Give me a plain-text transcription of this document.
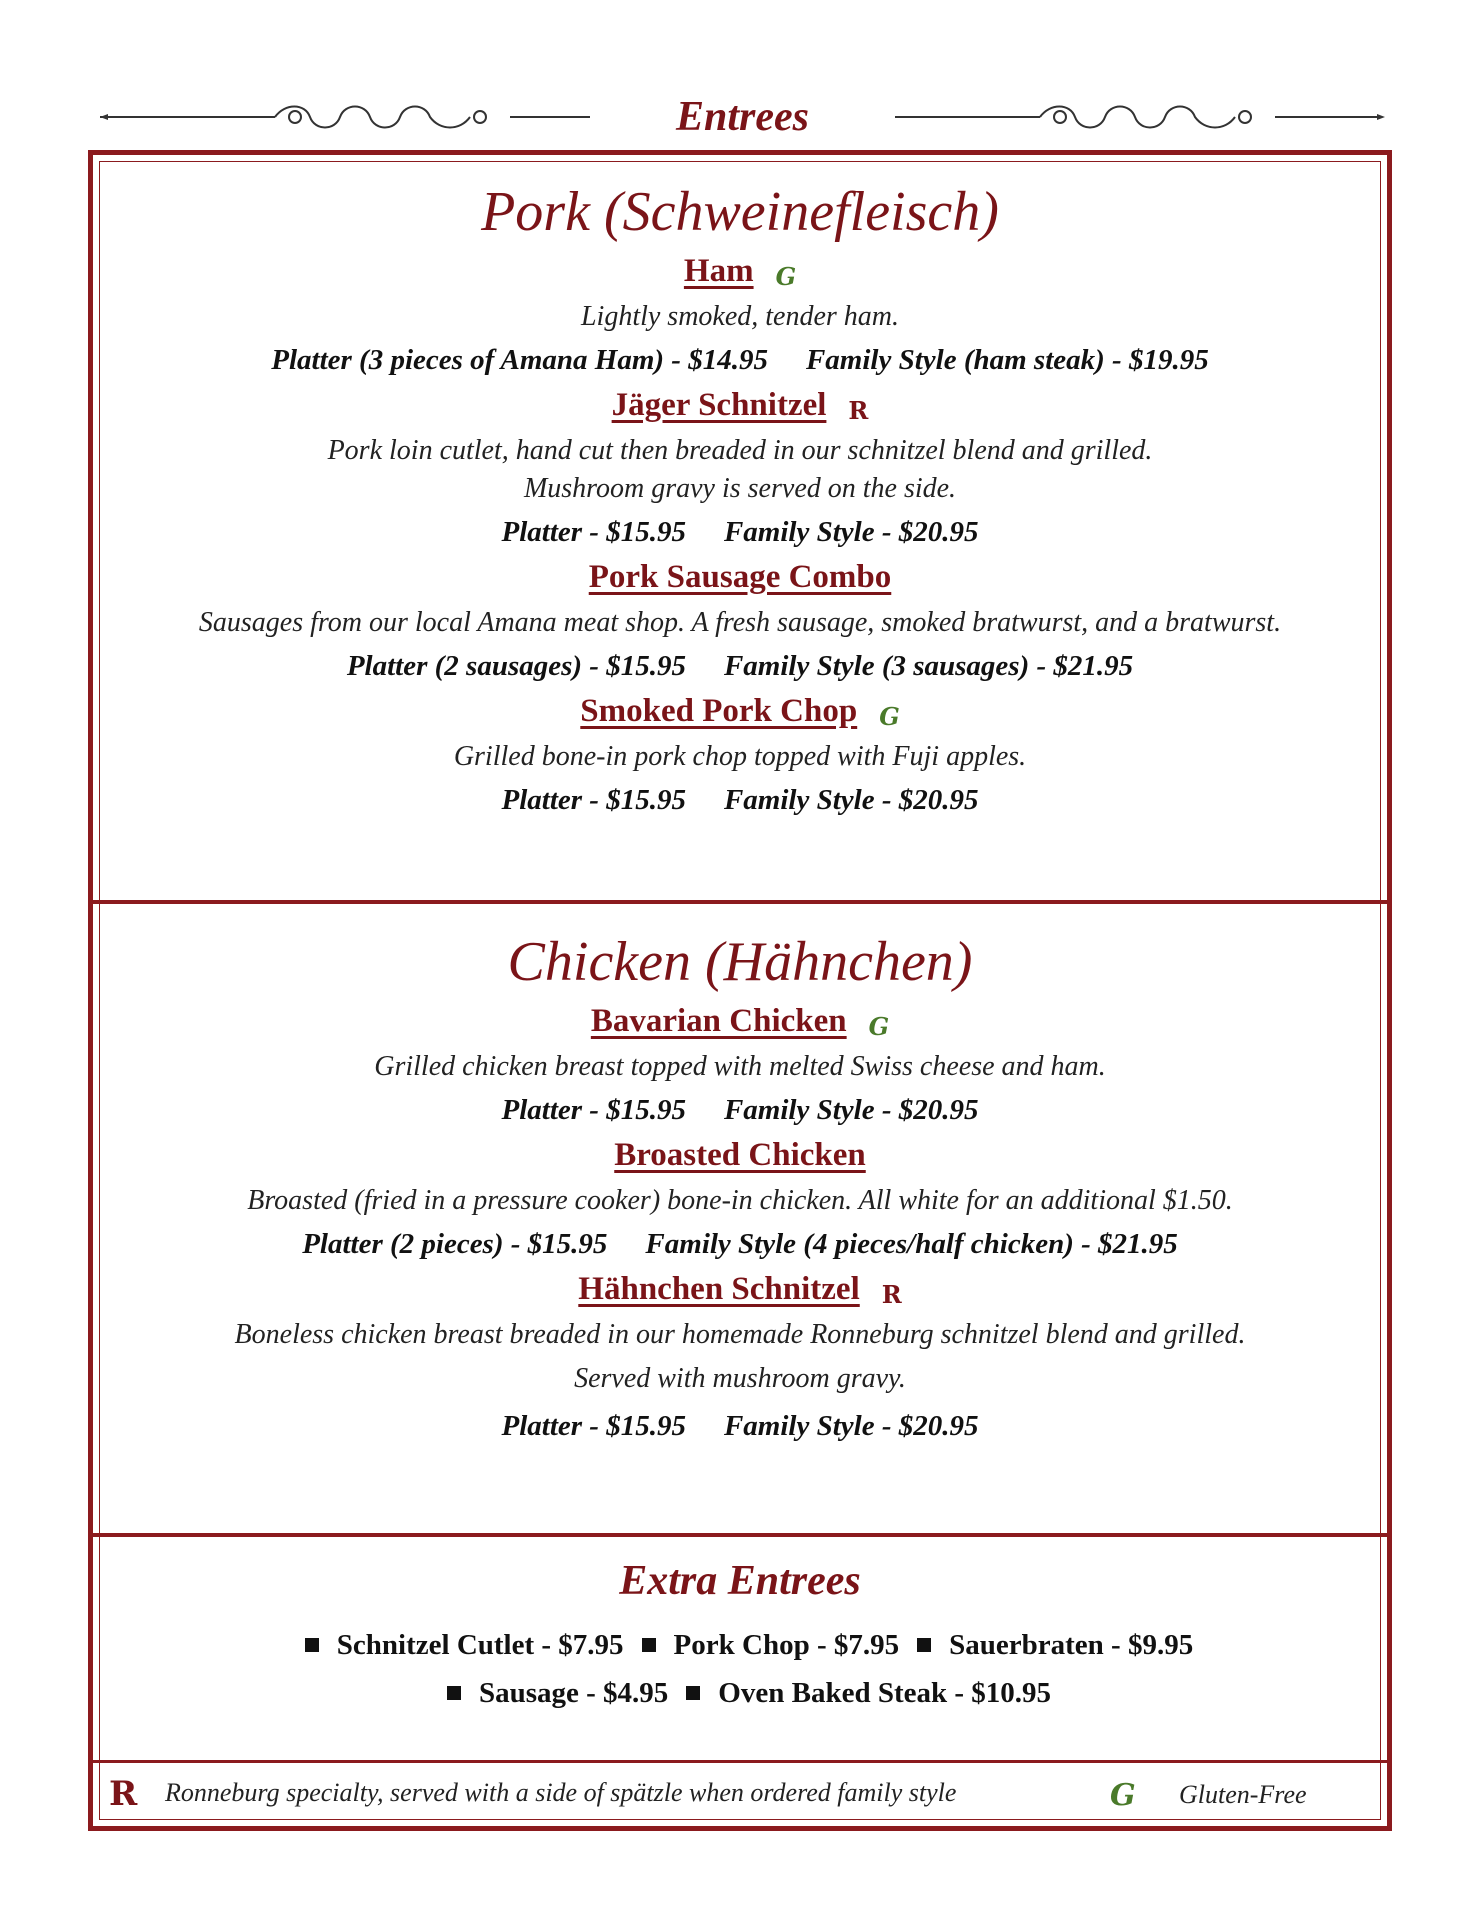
Entrees
Pork (Schweinefleisch)
Ham G
Lightly smoked, tender ham.
Platter (3 pieces of Amana Ham) - $14.95 Family Style (ham steak) - $19.95
Jäger Schnitzel R
Pork loin cutlet, hand cut then breaded in our schnitzel blend and grilled.
Mushroom gravy is served on the side.
Platter - $15.95 Family Style - $20.95
Pork Sausage Combo
Sausages from our local Amana meat shop. A fresh sausage, smoked bratwurst, and a bratwurst.
Platter (2 sausages) - $15.95 Family Style (3 sausages) - $21.95
Smoked Pork Chop G
Grilled bone-in pork chop topped with Fuji apples.
Platter - $15.95 Family Style - $20.95
Chicken (Hähnchen)
Bavarian Chicken G
Grilled chicken breast topped with melted Swiss cheese and ham.
Platter - $15.95 Family Style - $20.95
Broasted Chicken
Broasted (fried in a pressure cooker) bone-in chicken. All white for an additional $1.50.
Platter (2 pieces) - $15.95 Family Style (4 pieces/half chicken) - $21.95
Hähnchen Schnitzel R
Boneless chicken breast breaded in our homemade Ronneburg schnitzel blend and grilled.
Served with mushroom gravy.
Platter - $15.95 Family Style - $20.95
Extra Entrees
Schnitzel Cutlet - $7.95 Pork Chop - $7.95 Sauerbraten - $9.95
Sausage - $4.95 Oven Baked Steak - $10.95
R Ronneburg specialty, served with a side of spätzle when ordered family style	G Gluten-Free
